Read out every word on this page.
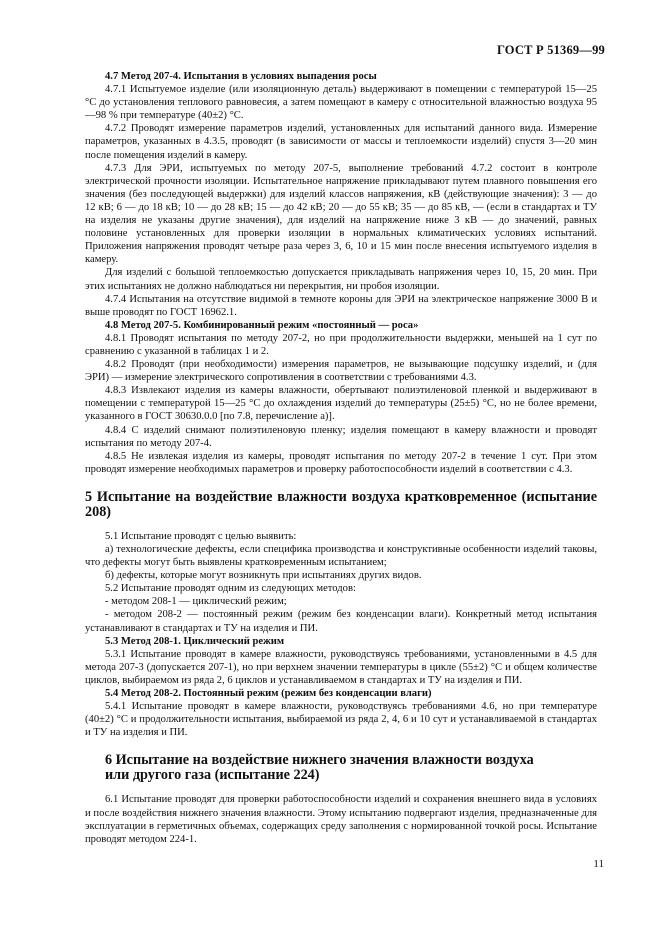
ГОСТ Р 51369—99

4.7 Метод 207-4. Испытания в условиях выпадения росы

4.7.1 Испытуемое изделие (или изоляционную деталь) выдерживают в помещении с температурой 15—25 °С до установления теплового равновесия, а затем помещают в камеру с относительной влажностью воздуха 95—98 % при температуре (40±2) °С.

4.7.2 Проводят измерение параметров изделий, установленных для испытаний данного вида. Измерение параметров, указанных в 4.3.5, проводят (в зависимости от массы и теплоемкости изделий) спустя 3—20 мин после помещения изделий в камеру.

4.7.3 Для ЭРИ, испытуемых по методу 207-5, выполнение требований 4.7.2 состоит в контроле электрической прочности изоляции. Испытательное напряжение прикладывают путем плавного повышения его значения (без последующей выдержки) для изделий классов напряжения, кВ (действующие значения): 3 — до 12 кВ; 6 — до 18 кВ; 10 — до 28 кВ; 15 — до 42 кВ; 20 — до 55 кВ; 35 — до 85 кВ, — (если в стандартах и ТУ на изделия не указаны другие значения), для изделий на напряжение ниже 3 кВ — до значений, равных половине установленных для проверки изоляции в нормальных климатических условиях испытаний. Приложения напряжения проводят четыре раза через 3, 6, 10 и 15 мин после внесения испытуемого изделия в камеру.

Для изделий с большой теплоемкостью допускается прикладывать напряжения через 10, 15, 20 мин. При этих испытаниях не должно наблюдаться ни перекрытия, ни пробоя изоляции.

4.7.4 Испытания на отсутствие видимой в темноте короны для ЭРИ на электрическое напряжение 3000 В и выше проводят по ГОСТ 16962.1.

4.8 Метод 207-5. Комбинированный режим «постоянный — роса»

4.8.1 Проводят испытания по методу 207-2, но при продолжительности выдержки, меньшей на 1 сут по сравнению с указанной в таблицах 1 и 2.

4.8.2 Проводят (при необходимости) измерения параметров, не вызывающие подсушку изделий, и (для ЭРИ) — измерение электрического сопротивления в соответствии с требованиями 4.3.

4.8.3 Извлекают изделия из камеры влажности, обертывают полиэтиленовой пленкой и выдерживают в помещении с температурой 15—25 °С до охлаждения изделий до температуры (25±5) °С, но не более времени, указанного в ГОСТ 30630.0.0 [по 7.8, перечисление а)].

4.8.4 С изделий снимают полиэтиленовую пленку; изделия помещают в камеру влажности и проводят испытания по методу 207-4.

4.8.5 Не извлекая изделия из камеры, проводят испытания по методу 207-2 в течение 1 сут. При этом проводят измерение необходимых параметров и проверку работоспособности изделий в соответствии с 4.3.

5 Испытание на воздействие влажности воздуха кратковременное (испытание 208)

5.1 Испытание проводят с целью выявить:

а) технологические дефекты, если специфика производства и конструктивные особенности изделий таковы, что дефекты могут быть выявлены кратковременным испытанием;

б) дефекты, которые могут возникнуть при испытаниях других видов.

5.2 Испытание проводят одним из следующих методов:

- методом 208-1 — циклический режим;

- методом 208-2 — постоянный режим (режим без конденсации влаги). Конкретный метод испытания устанавливают в стандартах и ТУ на изделия и ПИ.

5.3 Метод 208-1. Циклический режим

5.3.1 Испытание проводят в камере влажности, руководствуясь требованиями, установленными в 4.5 для метода 207-3 (допускается 207-1), но при верхнем значении температуры в цикле (55±2) °С и общем количестве циклов, выбираемом из ряда 2, 6 циклов и устанавливаемом в стандартах и ТУ на изделия и ПИ.

5.4 Метод 208-2. Постоянный режим (режим без конденсации влаги)

5.4.1 Испытание проводят в камере влажности, руководствуясь требованиями 4.6, но при температуре (40±2) °С и продолжительности испытания, выбираемой из ряда 2, 4, 6 и 10 сут и устанавливаемой в стандартах и ТУ на изделия и ПИ.

6 Испытание на воздействие нижнего значения влажности воздуха
или другого газа (испытание 224)

6.1 Испытание проводят для проверки работоспособности изделий и сохранения внешнего вида в условиях и после воздействия нижнего значения влажности. Этому испытанию подвергают изделия, предназначенные для эксплуатации в герметичных объемах, содержащих среду заполнения с нормированной точкой росы. Испытание проводят методом 224-1.

11
